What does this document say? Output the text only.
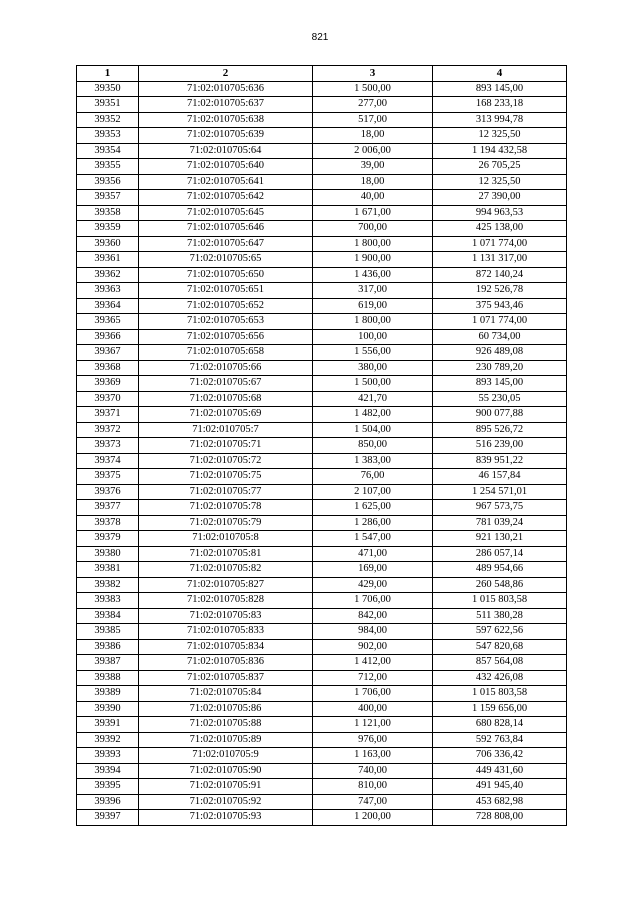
821
1	2	3	4
39350	71:02:010705:636	1 500,00	893 145,00
39351	71:02:010705:637	277,00	168 233,18
39352	71:02:010705:638	517,00	313 994,78
39353	71:02:010705:639	18,00	12 325,50
39354	71:02:010705:64	2 006,00	1 194 432,58
39355	71:02:010705:640	39,00	26 705,25
39356	71:02:010705:641	18,00	12 325,50
39357	71:02:010705:642	40,00	27 390,00
39358	71:02:010705:645	1 671,00	994 963,53
39359	71:02:010705:646	700,00	425 138,00
39360	71:02:010705:647	1 800,00	1 071 774,00
39361	71:02:010705:65	1 900,00	1 131 317,00
39362	71:02:010705:650	1 436,00	872 140,24
39363	71:02:010705:651	317,00	192 526,78
39364	71:02:010705:652	619,00	375 943,46
39365	71:02:010705:653	1 800,00	1 071 774,00
39366	71:02:010705:656	100,00	60 734,00
39367	71:02:010705:658	1 556,00	926 489,08
39368	71:02:010705:66	380,00	230 789,20
39369	71:02:010705:67	1 500,00	893 145,00
39370	71:02:010705:68	421,70	55 230,05
39371	71:02:010705:69	1 482,00	900 077,88
39372	71:02:010705:7	1 504,00	895 526,72
39373	71:02:010705:71	850,00	516 239,00
39374	71:02:010705:72	1 383,00	839 951,22
39375	71:02:010705:75	76,00	46 157,84
39376	71:02:010705:77	2 107,00	1 254 571,01
39377	71:02:010705:78	1 625,00	967 573,75
39378	71:02:010705:79	1 286,00	781 039,24
39379	71:02:010705:8	1 547,00	921 130,21
39380	71:02:010705:81	471,00	286 057,14
39381	71:02:010705:82	169,00	489 954,66
39382	71:02:010705:827	429,00	260 548,86
39383	71:02:010705:828	1 706,00	1 015 803,58
39384	71:02:010705:83	842,00	511 380,28
39385	71:02:010705:833	984,00	597 622,56
39386	71:02:010705:834	902,00	547 820,68
39387	71:02:010705:836	1 412,00	857 564,08
39388	71:02:010705:837	712,00	432 426,08
39389	71:02:010705:84	1 706,00	1 015 803,58
39390	71:02:010705:86	400,00	1 159 656,00
39391	71:02:010705:88	1 121,00	680 828,14
39392	71:02:010705:89	976,00	592 763,84
39393	71:02:010705:9	1 163,00	706 336,42
39394	71:02:010705:90	740,00	449 431,60
39395	71:02:010705:91	810,00	491 945,40
39396	71:02:010705:92	747,00	453 682,98
39397	71:02:010705:93	1 200,00	728 808,00
